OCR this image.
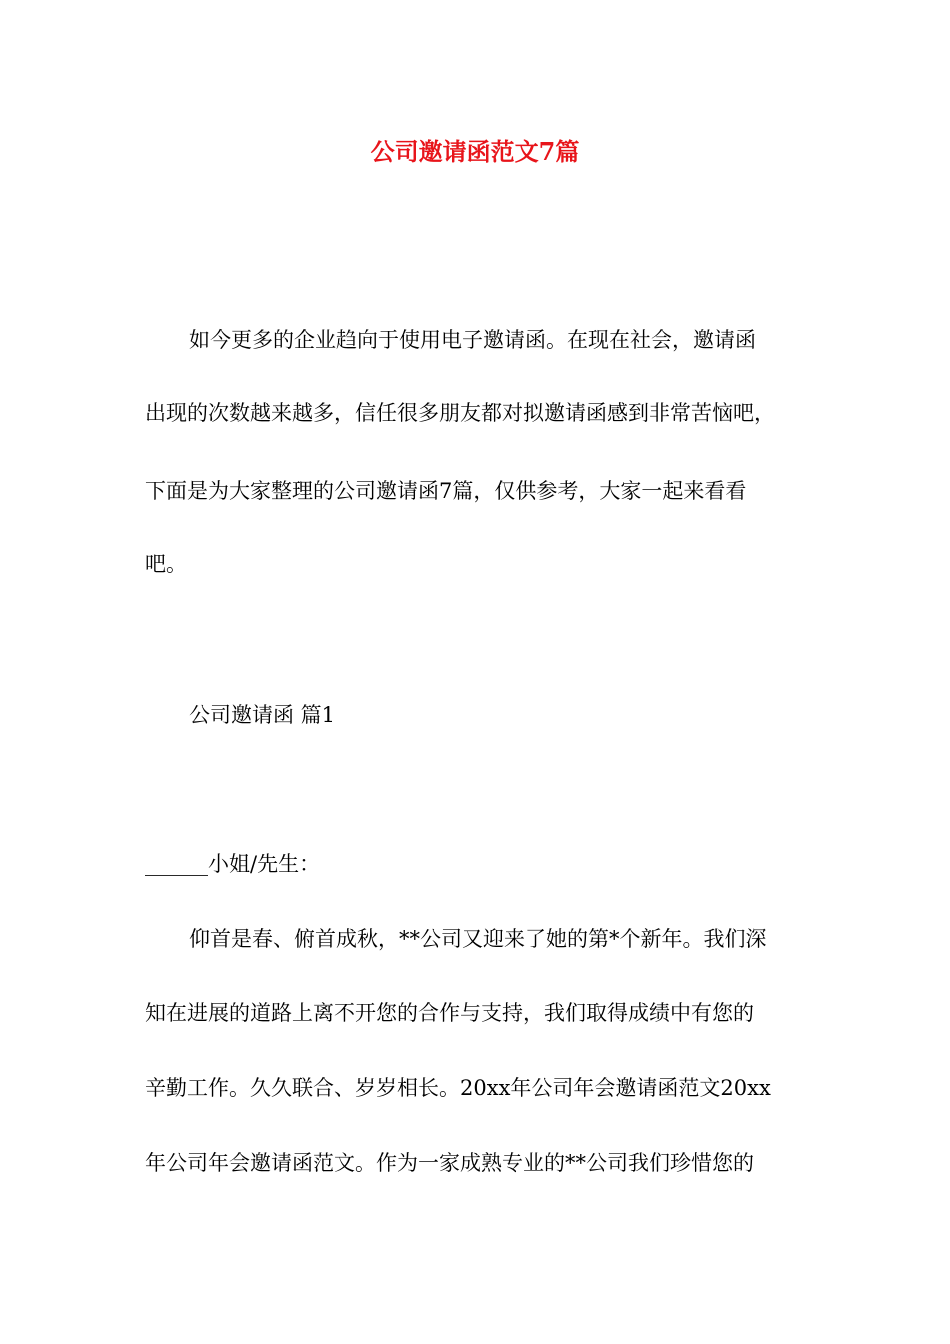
公司邀请函范文7篇
如今更多的企业趋向于使用电子邀请函。在现在社会，邀请函
出现的次数越来越多，信任很多朋友都对拟邀请函感到非常苦恼吧，
下面是为大家整理的公司邀请函7篇，仅供参考，大家一起来看看
吧。
公司邀请函 篇1
______小姐/先生：
仰首是春、俯首成秋，**公司又迎来了她的第*个新年。我们深
知在进展的道路上离不开您的合作与支持，我们取得成绩中有您的
辛勤工作。久久联合、岁岁相长。20xx年公司年会邀请函范文20xx
年公司年会邀请函范文。作为一家成熟专业的**公司我们珍惜您的
